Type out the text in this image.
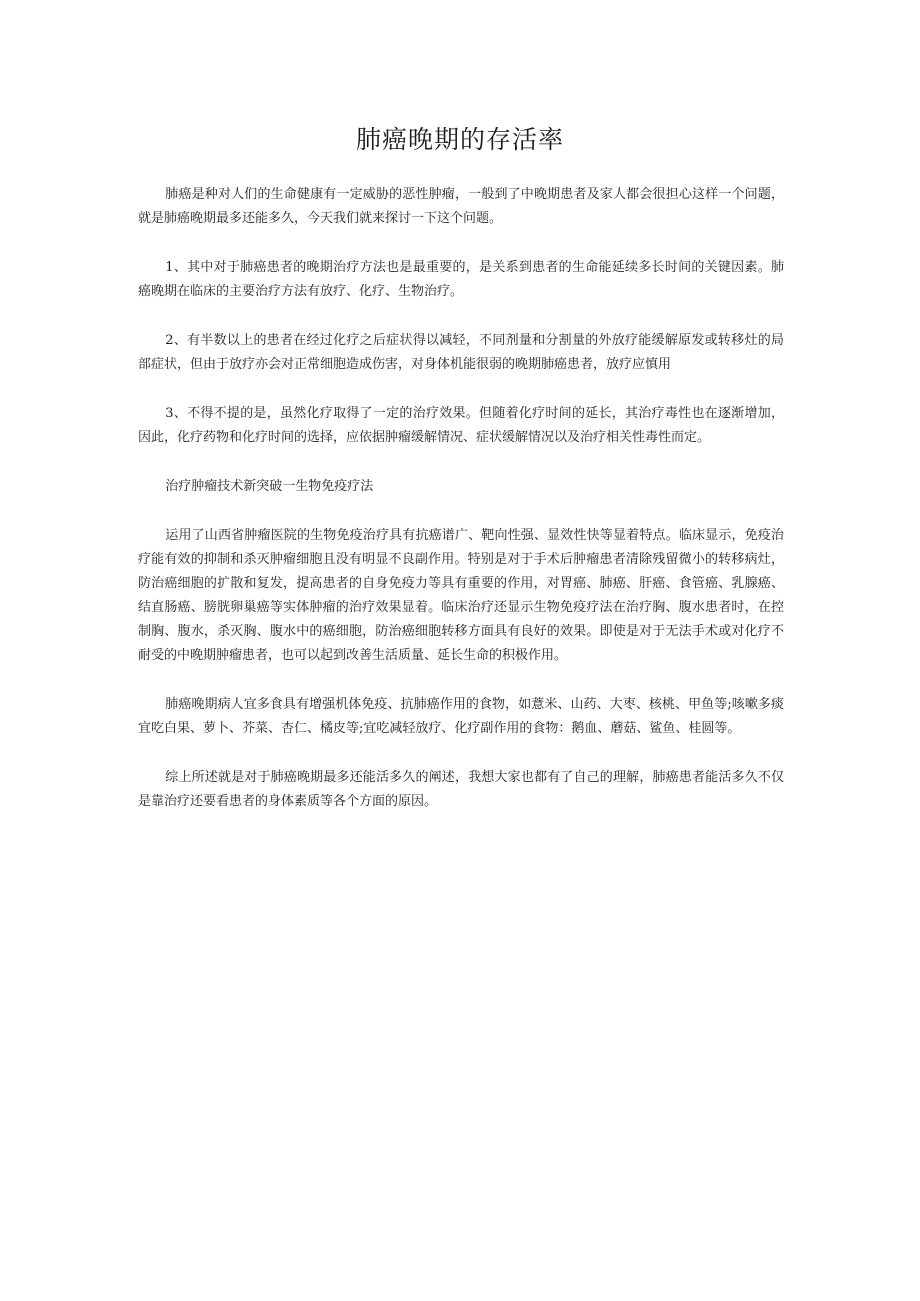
肺癌晚期的存活率

肺癌是种对人们的生命健康有一定威胁的恶性肿瘤，一般到了中晚期患者及家人都会很担心这样一个问题，就是肺癌晚期最多还能多久，今天我们就来探讨一下这个问题。

1、其中对于肺癌患者的晚期治疗方法也是最重要的，是关系到患者的生命能延续多长时间的关键因素。肺癌晚期在临床的主要治疗方法有放疗、化疗、生物治疗。

2、有半数以上的患者在经过化疗之后症状得以减轻，不同剂量和分割量的外放疗能缓解原发或转移灶的局部症状，但由于放疗亦会对正常细胞造成伤害，对身体机能很弱的晚期肺癌患者，放疗应慎用

3、不得不提的是，虽然化疗取得了一定的治疗效果。但随着化疗时间的延长，其治疗毒性也在逐渐增加，因此，化疗药物和化疗时间的选择，应依据肿瘤缓解情况、症状缓解情况以及治疗相关性毒性而定。

治疗肿瘤技术新突破一生物免疫疗法

运用了山西省肿瘤医院的生物免疫治疗具有抗癌谱广、靶向性强、显效性快等显着特点。临床显示，免疫治疗能有效的抑制和杀灭肿瘤细胞且没有明显不良副作用。特别是对于手术后肿瘤患者清除残留微小的转移病灶，防治癌细胞的扩散和复发，提高患者的自身免疫力等具有重要的作用，对胃癌、肺癌、肝癌、食管癌、乳腺癌、结直肠癌、膀胱卵巢癌等实体肿瘤的治疗效果显着。临床治疗还显示生物免疫疗法在治疗胸、腹水患者时，在控制胸、腹水，杀灭胸、腹水中的癌细胞，防治癌细胞转移方面具有良好的效果。即使是对于无法手术或对化疗不耐受的中晚期肿瘤患者，也可以起到改善生活质量、延长生命的积极作用。

肺癌晚期病人宜多食具有增强机体免疫、抗肺癌作用的食物，如薏米、山药、大枣、核桃、甲鱼等;咳嗽多痰宜吃白果、萝卜、芥菜、杏仁、橘皮等;宜吃减轻放疗、化疗副作用的食物：鹅血、蘑菇、鲨鱼、桂圆等。

综上所述就是对于肺癌晚期最多还能活多久的阐述，我想大家也都有了自己的理解，肺癌患者能活多久不仅是靠治疗还要看患者的身体素质等各个方面的原因。
